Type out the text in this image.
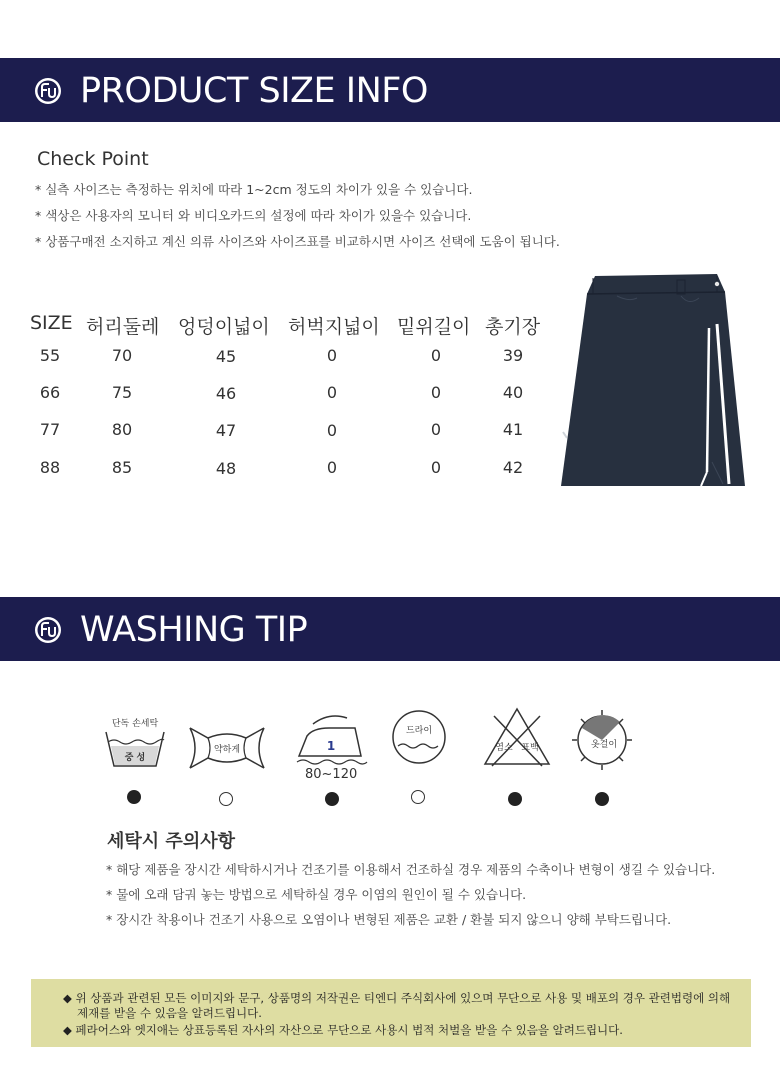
PRODUCT SIZE INFO
Check Point
* 실측 사이즈는 측정하는 위치에 따라 1~2cm 정도의 차이가 있을 수 있습니다.
* 색상은 사용자의 모니터 와 비디오카드의 설정에 따라 차이가 있을수 있습니다.
* 상품구매전 소지하고 계신 의류 사이즈와 사이즈표를 비교하시면 사이즈 선택에 도움이 됩니다.
SIZE 허리둘레 엉덩이넓이 허벅지넓이 밑위길이 총기장
55	70	45	0	0	39
66	75	46	0	0	40
77	80	47	0	0	41
88	85	48	0	0	42
WASHING TIP
단독 손세탁
중 성
약하게	1
80~120
드라이
염소 표백	옷걸이
세탁시 주의사항
* 해당 제품을 장시간 세탁하시거나 건조기를 이용해서 건조하실 경우 제품의 수축이나 변형이 생길 수 있습니다.
* 물에 오래 담궈 놓는 방법으로 세탁하실 경우 이염의 원인이 될 수 있습니다.
* 장시간 착용이나 건조기 사용으로 오염이나 변형된 제품은 교환 / 환불 되지 않으니 양해 부탁드립니다.
◆ 위 상품과 관련된 모든 이미지와 문구, 상품명의 저작권은 티엔디 주식회사에 있으며 무단으로 사용 및 배포의 경우 관련법령에 의해
제재를 받을 수 있음을 알려드립니다.
◆ 페라어스와 엣지애는 상표등록된 자사의 자산으로 무단으로 사용시 법적 처벌을 받을 수 있음을 알려드립니다.
